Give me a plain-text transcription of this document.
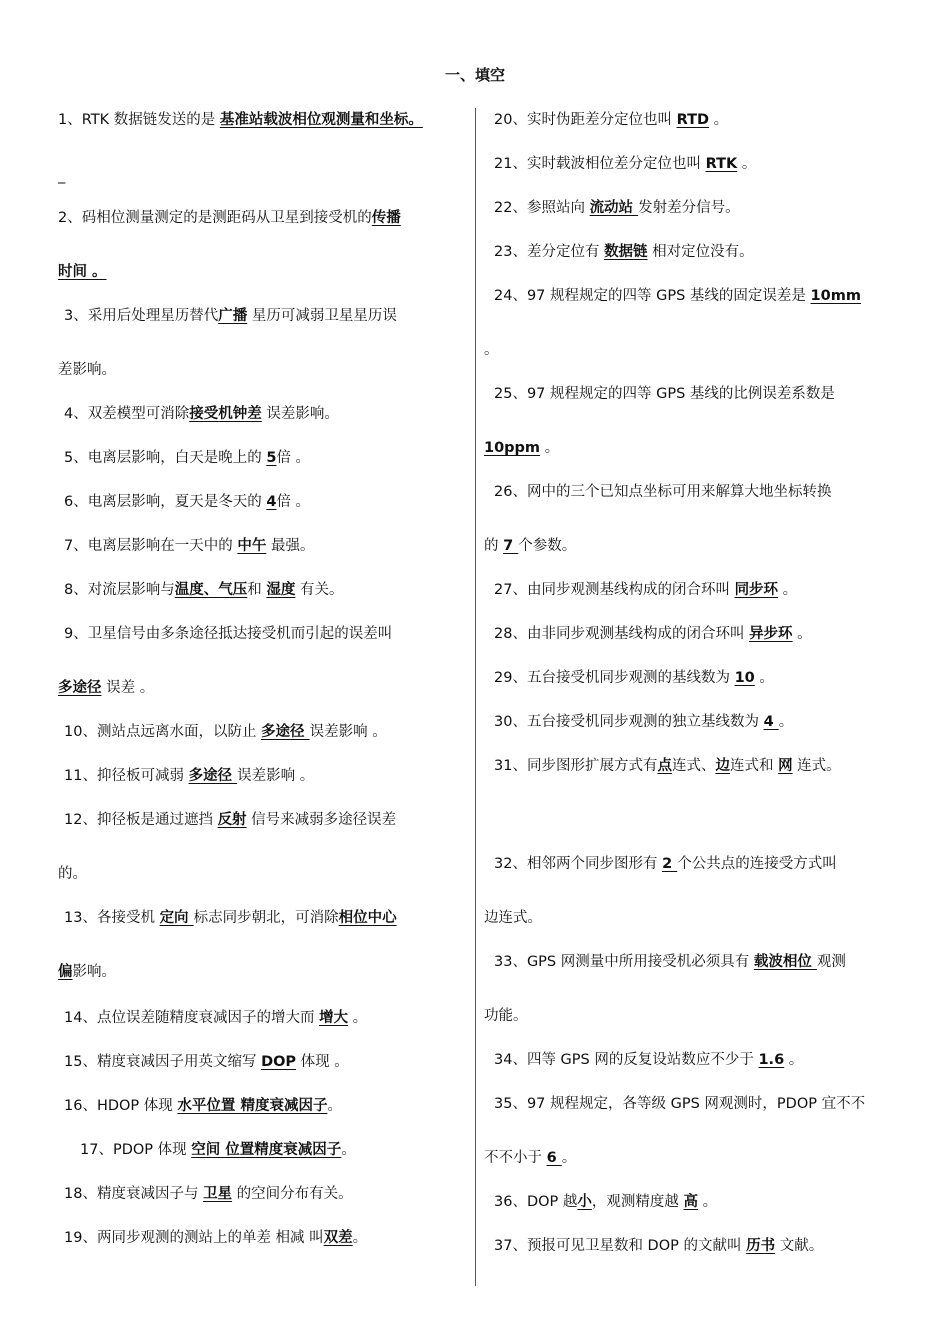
一、填空
1、RTK 数据链发送的是 基准站载波相位观测量和坐标。
_
2、码相位测量测定的是测距码从卫星到接受机的传播
时间 。
3、采用后处理星历替代广播 星历可减弱卫星星历误
差影响。
4、双差模型可消除接受机钟差 误差影响。
5、电离层影响，白天是晚上的 5倍 。
6、电离层影响，夏天是冬天的 4倍 。
7、电离层影响在一天中的 中午 最强。
8、对流层影响与温度、气压和 湿度 有关。
9、卫星信号由多条途径抵达接受机而引起的误差叫
多途径 误差 。
10、测站点远离水面，以防止 多途径 误差影响 。
11、抑径板可减弱 多途径 误差影响 。
12、抑径板是通过遮挡 反射 信号来减弱多途径误差
的。
13、各接受机 定向 标志同步朝北，可消除相位中心
偏影响。
14、点位误差随精度衰减因子的增大而 增大 。
15、精度衰减因子用英文缩写 DOP 体现 。
16、HDOP 体现 水平位置 精度衰减因子。
17、PDOP 体现 空间 位置精度衰减因子。
18、精度衰减因子与 卫星 的空间分布有关。
19、两同步观测的测站上的单差 相减 叫双差。
20、实时伪距差分定位也叫 RTD 。
21、实时载波相位差分定位也叫 RTK 。
22、参照站向 流动站 发射差分信号。
23、差分定位有 数据链 相对定位没有。
24、97 规程规定的四等 GPS 基线的固定误差是 10mm
。
25、97 规程规定的四等 GPS 基线的比例误差系数是
10ppm 。
26、网中的三个已知点坐标可用来解算大地坐标转换
的 7 个参数。
27、由同步观测基线构成的闭合环叫 同步环 。
28、由非同步观测基线构成的闭合环叫 异步环 。
29、五台接受机同步观测的基线数为 10 。
30、五台接受机同步观测的独立基线数为 4 。
31、同步图形扩展方式有点连式、边连式和 网 连式。
32、相邻两个同步图形有 2 个公共点的连接受方式叫
边连式。
33、GPS 网测量中所用接受机必须具有 载波相位 观测
功能。
34、四等 GPS 网的反复设站数应不少于 1.6 。
35、97 规程规定，各等级 GPS 网观测时，PDOP 宜不不
不不小于 6 。
36、DOP 越小，观测精度越 高 。
37、预报可见卫星数和 DOP 的文献叫 历书 文献。
